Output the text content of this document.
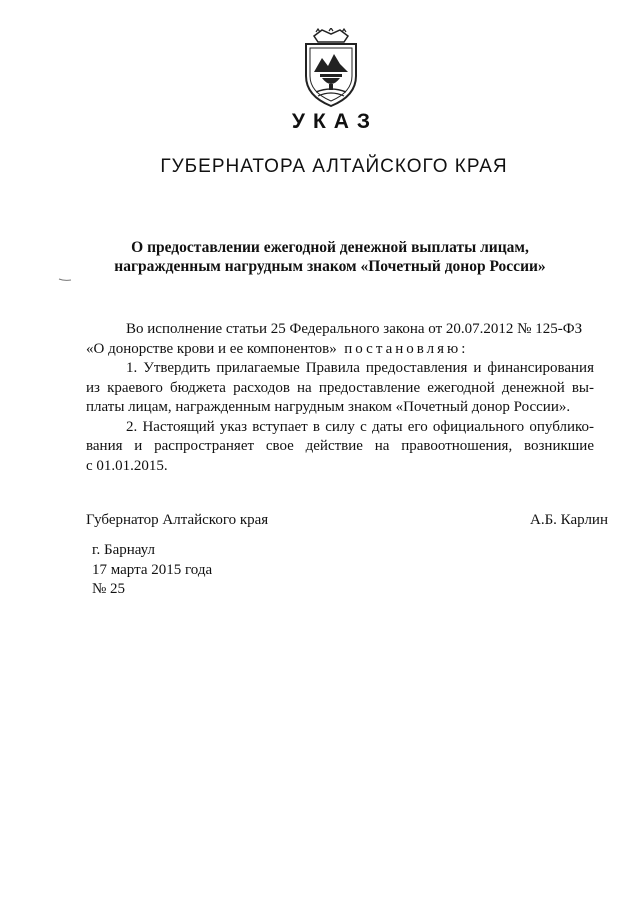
УКАЗ
ГУБЕРНАТОРА АЛТАЙСКОГО КРАЯ
О предоставлении ежегодной денежной выплаты лицам,
награжденным нагрудным знаком «Почетный донор России»
Во исполнение статьи 25 Федерального закона от 20.07.2012 № 125-ФЗ
«О донорстве крови и ее компонентов» постановляю:
1. Утвердить прилагаемые Правила предоставления и финансирования
из краевого бюджета расходов на предоставление ежегодной денежной вы-
платы лицам, награжденным нагрудным знаком «Почетный донор России».
2. Настоящий указ вступает в силу с даты его официального опублико-
вания и распространяет свое действие на правоотношения, возникшие
с 01.01.2015.
Губернатор Алтайского края	А.Б. Карлин
г. Барнаул
17 марта 2015 года
№ 25
